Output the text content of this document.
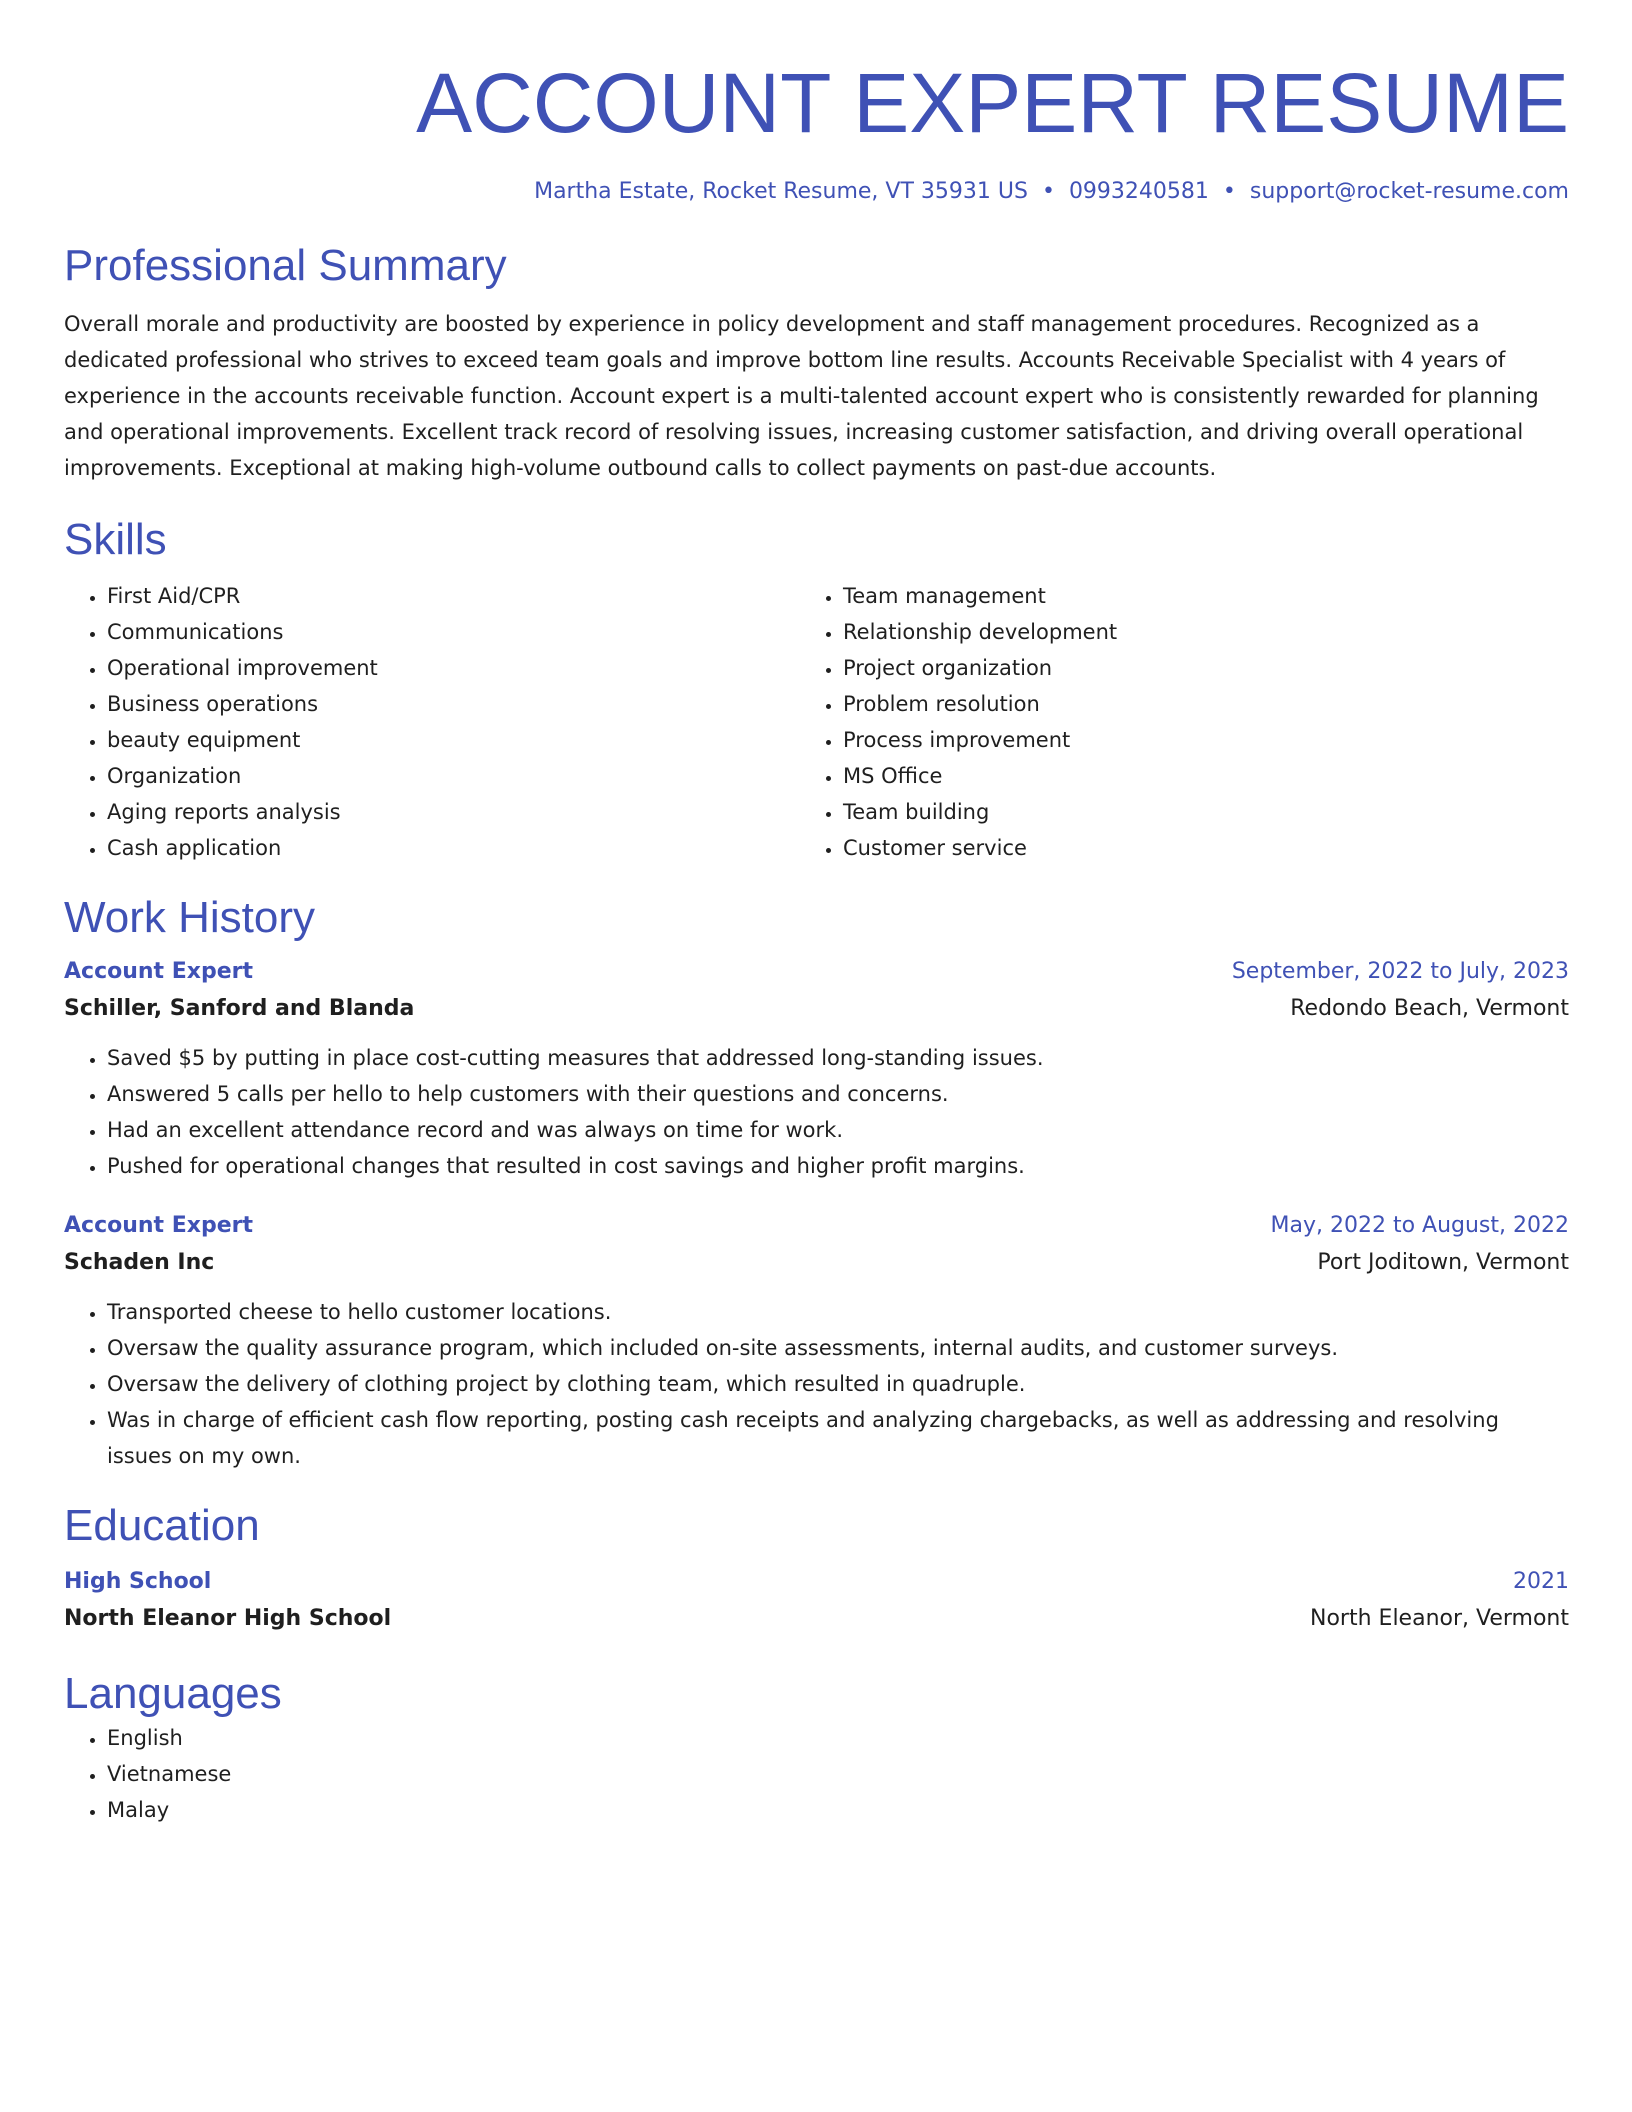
ACCOUNT EXPERT RESUME
Martha Estate, Rocket Resume, VT 35931 US • 0993240581 • support@rocket-resume.com
Professional Summary

Overall morale and productivity are boosted by experience in policy development and staff management procedures. Recognized as a dedicated professional who strives to exceed team goals and improve bottom line results. Accounts Receivable Specialist with 4 years of experience in the accounts receivable function. Account expert is a multi-talented account expert who is consistently rewarded for planning and operational improvements. Excellent track record of resolving issues, increasing customer satisfaction, and driving overall operational improvements. Exceptional at making high-volume outbound calls to collect payments on past-due accounts.

Skills
• First Aid/CPR
• Communications
• Operational improvement
• Business operations
• beauty equipment
• Organization
• Aging reports analysis
• Cash application
• Team management
• Relationship development
• Project organization
• Problem resolution
• Process improvement
• MS Office
• Team building
• Customer service
Work History
Account Expert	September, 2022 to July, 2023
Schiller, Sanford and Blanda	Redondo Beach, Vermont
• Saved $5 by putting in place cost-cutting measures that addressed long-standing issues.
• Answered 5 calls per hello to help customers with their questions and concerns.
• Had an excellent attendance record and was always on time for work.
• Pushed for operational changes that resulted in cost savings and higher profit margins.
Account Expert	May, 2022 to August, 2022
Schaden Inc	Port Joditown, Vermont
• Transported cheese to hello customer locations.
• Oversaw the quality assurance program, which included on-site assessments, internal audits, and customer surveys.
• Oversaw the delivery of clothing project by clothing team, which resulted in quadruple.
• Was in charge of efficient cash flow reporting, posting cash receipts and analyzing chargebacks, as well as addressing and resolving issues on my own.
Education
High School	2021
North Eleanor High School	North Eleanor, Vermont
Languages
• English
• Vietnamese
• Malay
